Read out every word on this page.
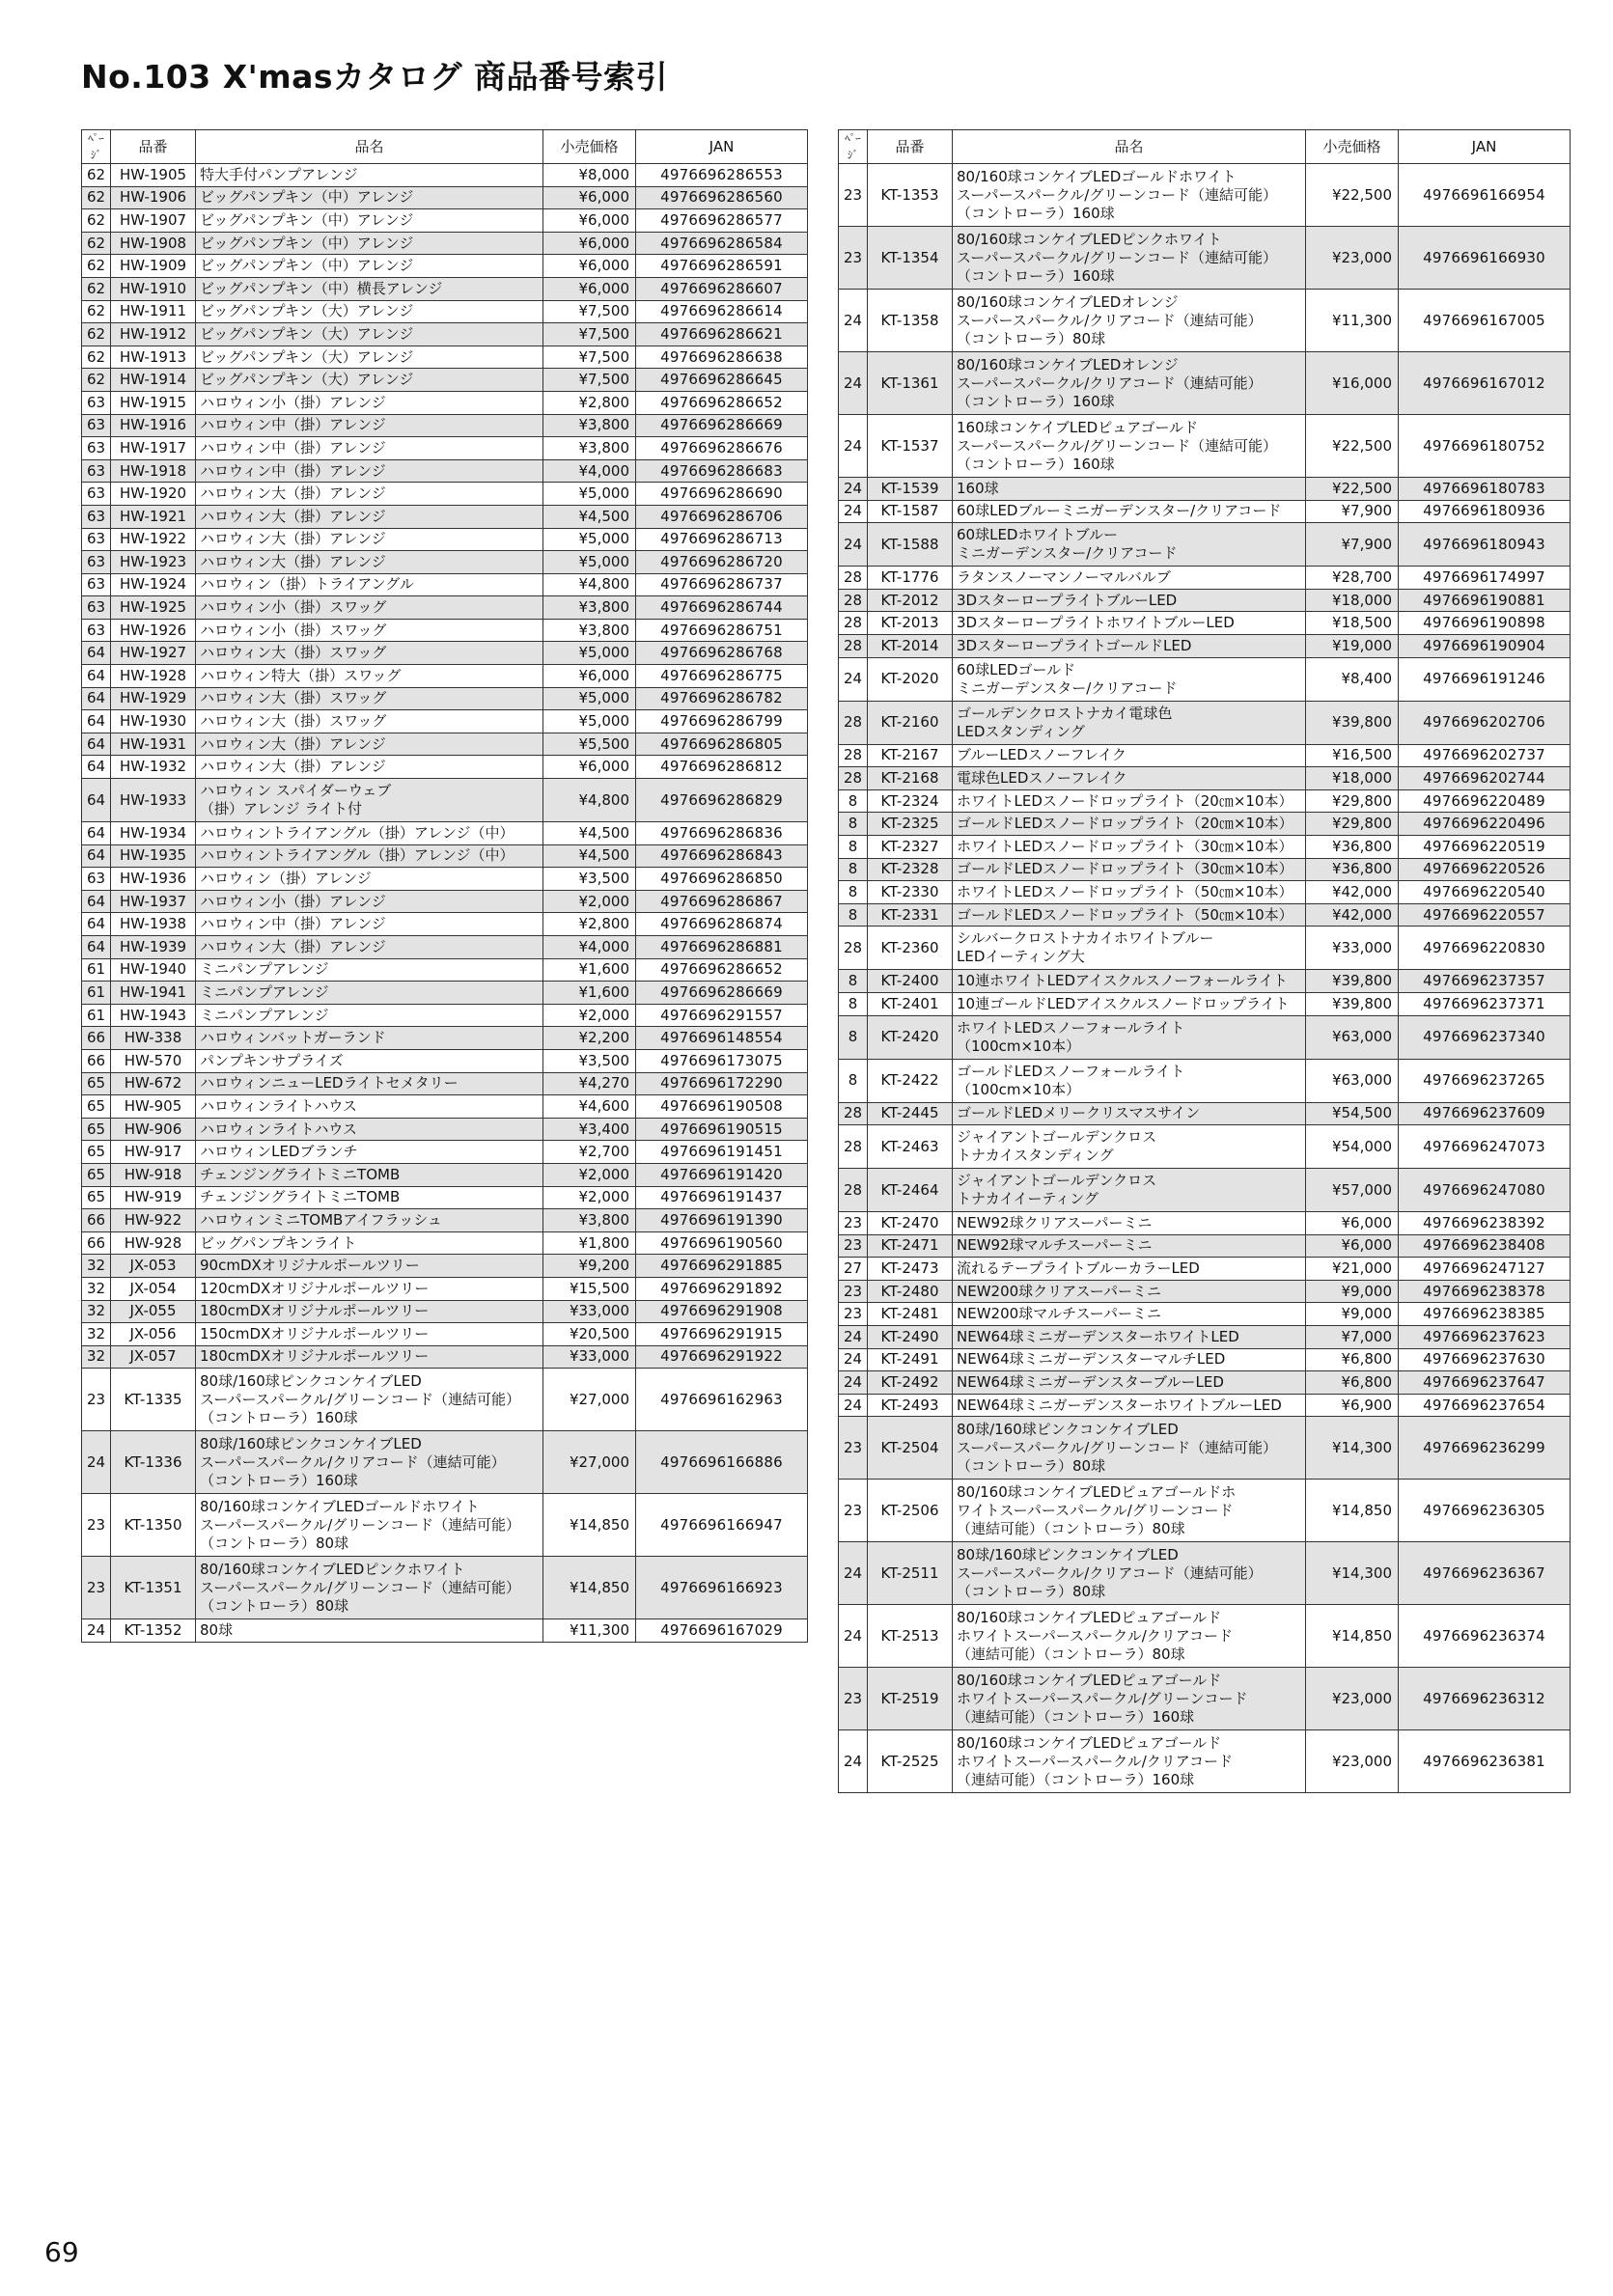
No.103 X'masカタログ 商品番号索引
ﾍﾟｰｼﾞ	品番	品名	小売価格	JAN
62	HW-1905	特大手付パンプアレンジ	¥8,000	4976696286553
62	HW-1906	ビッグパンプキン（中）アレンジ	¥6,000	4976696286560
62	HW-1907	ビッグパンプキン（中）アレンジ	¥6,000	4976696286577
62	HW-1908	ビッグパンプキン（中）アレンジ	¥6,000	4976696286584
62	HW-1909	ビッグパンプキン（中）アレンジ	¥6,000	4976696286591
62	HW-1910	ビッグパンプキン（中）横長アレンジ	¥6,000	4976696286607
62	HW-1911	ビッグパンプキン（大）アレンジ	¥7,500	4976696286614
62	HW-1912	ビッグパンプキン（大）アレンジ	¥7,500	4976696286621
62	HW-1913	ビッグパンプキン（大）アレンジ	¥7,500	4976696286638
62	HW-1914	ビッグパンプキン（大）アレンジ	¥7,500	4976696286645
63	HW-1915	ハロウィン小（掛）アレンジ	¥2,800	4976696286652
63	HW-1916	ハロウィン中（掛）アレンジ	¥3,800	4976696286669
63	HW-1917	ハロウィン中（掛）アレンジ	¥3,800	4976696286676
63	HW-1918	ハロウィン中（掛）アレンジ	¥4,000	4976696286683
63	HW-1920	ハロウィン大（掛）アレンジ	¥5,000	4976696286690
63	HW-1921	ハロウィン大（掛）アレンジ	¥4,500	4976696286706
63	HW-1922	ハロウィン大（掛）アレンジ	¥5,000	4976696286713
63	HW-1923	ハロウィン大（掛）アレンジ	¥5,000	4976696286720
63	HW-1924	ハロウィン（掛）トライアングル	¥4,800	4976696286737
63	HW-1925	ハロウィン小（掛）スワッグ	¥3,800	4976696286744
63	HW-1926	ハロウィン小（掛）スワッグ	¥3,800	4976696286751
64	HW-1927	ハロウィン大（掛）スワッグ	¥5,000	4976696286768
64	HW-1928	ハロウィン特大（掛）スワッグ	¥6,000	4976696286775
64	HW-1929	ハロウィン大（掛）スワッグ	¥5,000	4976696286782
64	HW-1930	ハロウィン大（掛）スワッグ	¥5,000	4976696286799
64	HW-1931	ハロウィン大（掛）アレンジ	¥5,500	4976696286805
64	HW-1932	ハロウィン大（掛）アレンジ	¥6,000	4976696286812
64	HW-1933	ハロウィン スパイダーウェブ
（掛）アレンジ ライト付	¥4,800	4976696286829
64	HW-1934	ハロウィントライアングル（掛）アレンジ（中）	¥4,500	4976696286836
64	HW-1935	ハロウィントライアングル（掛）アレンジ（中）	¥4,500	4976696286843
63	HW-1936	ハロウィン（掛）アレンジ	¥3,500	4976696286850
64	HW-1937	ハロウィン小（掛）アレンジ	¥2,000	4976696286867
64	HW-1938	ハロウィン中（掛）アレンジ	¥2,800	4976696286874
64	HW-1939	ハロウィン大（掛）アレンジ	¥4,000	4976696286881
61	HW-1940	ミニパンプアレンジ	¥1,600	4976696286652
61	HW-1941	ミニパンプアレンジ	¥1,600	4976696286669
61	HW-1943	ミニパンプアレンジ	¥2,000	4976696291557
66	HW-338	ハロウィンバットガーランド	¥2,200	4976696148554
66	HW-570	パンプキンサプライズ	¥3,500	4976696173075
65	HW-672	ハロウィンニューLEDライトセメタリー	¥4,270	4976696172290
65	HW-905	ハロウィンライトハウス	¥4,600	4976696190508
65	HW-906	ハロウィンライトハウス	¥3,400	4976696190515
65	HW-917	ハロウィンLEDブランチ	¥2,700	4976696191451
65	HW-918	チェンジングライトミニTOMB	¥2,000	4976696191420
65	HW-919	チェンジングライトミニTOMB	¥2,000	4976696191437
66	HW-922	ハロウィンミニTOMBアイフラッシュ	¥3,800	4976696191390
66	HW-928	ビッグパンプキンライト	¥1,800	4976696190560
32	JX-053	90cmDXオリジナルポールツリー	¥9,200	4976696291885
32	JX-054	120cmDXオリジナルポールツリー	¥15,500	4976696291892
32	JX-055	180cmDXオリジナルポールツリー	¥33,000	4976696291908
32	JX-056	150cmDXオリジナルポールツリー	¥20,500	4976696291915
32	JX-057	180cmDXオリジナルポールツリー	¥33,000	4976696291922
23	KT-1335	80球/160球ピンクコンケイブLED
スーパースパークル/グリーンコード（連結可能）
（コントローラ）160球	¥27,000	4976696162963
24	KT-1336	80球/160球ピンクコンケイブLED
スーパースパークル/クリアコード（連結可能）
（コントローラ）160球	¥27,000	4976696166886
23	KT-1350	80/160球コンケイブLEDゴールドホワイト
スーパースパークル/グリーンコード（連結可能）
（コントローラ）80球	¥14,850	4976696166947
23	KT-1351	80/160球コンケイブLEDピンクホワイト
スーパースパークル/グリーンコード（連結可能）
（コントローラ）80球	¥14,850	4976696166923
24	KT-1352	80球	¥11,300	4976696167029
ﾍﾟｰｼﾞ	品番	品名	小売価格	JAN
23	KT-1353	80/160球コンケイブLEDゴールドホワイト
スーパースパークル/グリーンコード（連結可能）
（コントローラ）160球	¥22,500	4976696166954
23	KT-1354	80/160球コンケイブLEDピンクホワイト
スーパースパークル/グリーンコード（連結可能）
（コントローラ）160球	¥23,000	4976696166930
24	KT-1358	80/160球コンケイブLEDオレンジ
スーパースパークル/クリアコード（連結可能）
（コントローラ）80球	¥11,300	4976696167005
24	KT-1361	80/160球コンケイブLEDオレンジ
スーパースパークル/クリアコード（連結可能）
（コントローラ）160球	¥16,000	4976696167012
24	KT-1537	160球コンケイブLEDピュアゴールド
スーパースパークル/グリーンコード（連結可能）
（コントローラ）160球	¥22,500	4976696180752
24	KT-1539	160球	¥22,500	4976696180783
24	KT-1587	60球LEDブルーミニガーデンスター/クリアコード	¥7,900	4976696180936
24	KT-1588	60球LEDホワイトブルー
ミニガーデンスター/クリアコード	¥7,900	4976696180943
28	KT-1776	ラタンスノーマンノーマルバルブ	¥28,700	4976696174997
28	KT-2012	3DスターロープライトブルーLED	¥18,000	4976696190881
28	KT-2013	3DスターロープライトホワイトブルーLED	¥18,500	4976696190898
28	KT-2014	3DスターロープライトゴールドLED	¥19,000	4976696190904
24	KT-2020	60球LEDゴールド
ミニガーデンスター/クリアコード	¥8,400	4976696191246
28	KT-2160	ゴールデンクロストナカイ電球色
LEDスタンディング	¥39,800	4976696202706
28	KT-2167	ブルーLEDスノーフレイク	¥16,500	4976696202737
28	KT-2168	電球色LEDスノーフレイク	¥18,000	4976696202744
8	KT-2324	ホワイトLEDスノードロップライト（20㎝×10本）	¥29,800	4976696220489
8	KT-2325	ゴールドLEDスノードロップライト（20㎝×10本）	¥29,800	4976696220496
8	KT-2327	ホワイトLEDスノードロップライト（30㎝×10本）	¥36,800	4976696220519
8	KT-2328	ゴールドLEDスノードロップライト（30㎝×10本）	¥36,800	4976696220526
8	KT-2330	ホワイトLEDスノードロップライト（50㎝×10本）	¥42,000	4976696220540
8	KT-2331	ゴールドLEDスノードロップライト（50㎝×10本）	¥42,000	4976696220557
28	KT-2360	シルバークロストナカイホワイトブルー
LEDイーティング大	¥33,000	4976696220830
8	KT-2400	10連ホワイトLEDアイスクルスノーフォールライト	¥39,800	4976696237357
8	KT-2401	10連ゴールドLEDアイスクルスノードロップライト	¥39,800	4976696237371
8	KT-2420	ホワイトLEDスノーフォールライト
（100cm×10本）	¥63,000	4976696237340
8	KT-2422	ゴールドLEDスノーフォールライト
（100cm×10本）	¥63,000	4976696237265
28	KT-2445	ゴールドLEDメリークリスマスサイン	¥54,500	4976696237609
28	KT-2463	ジャイアントゴールデンクロス
トナカイスタンディング	¥54,000	4976696247073
28	KT-2464	ジャイアントゴールデンクロス
トナカイイーティング	¥57,000	4976696247080
23	KT-2470	NEW92球クリアスーパーミニ	¥6,000	4976696238392
23	KT-2471	NEW92球マルチスーパーミニ	¥6,000	4976696238408
27	KT-2473	流れるテープライトブルーカラーLED	¥21,000	4976696247127
23	KT-2480	NEW200球クリアスーパーミニ	¥9,000	4976696238378
23	KT-2481	NEW200球マルチスーパーミニ	¥9,000	4976696238385
24	KT-2490	NEW64球ミニガーデンスターホワイトLED	¥7,000	4976696237623
24	KT-2491	NEW64球ミニガーデンスターマルチLED	¥6,800	4976696237630
24	KT-2492	NEW64球ミニガーデンスターブルーLED	¥6,800	4976696237647
24	KT-2493	NEW64球ミニガーデンスターホワイトブルーLED	¥6,900	4976696237654
23	KT-2504	80球/160球ピンクコンケイブLED
スーパースパークル/グリーンコード（連結可能）
（コントローラ）80球	¥14,300	4976696236299
23	KT-2506	80/160球コンケイブLEDピュアゴールドホ
ワイトスーパースパークル/グリーンコード
（連結可能）（コントローラ）80球	¥14,850	4976696236305
24	KT-2511	80球/160球ピンクコンケイブLED
スーパースパークル/クリアコード（連結可能）
（コントローラ）80球	¥14,300	4976696236367
24	KT-2513	80/160球コンケイブLEDピュアゴールド
ホワイトスーパースパークル/クリアコード
（連結可能）（コントローラ）80球	¥14,850	4976696236374
23	KT-2519	80/160球コンケイブLEDピュアゴールド
ホワイトスーパースパークル/グリーンコード
（連結可能）（コントローラ）160球	¥23,000	4976696236312
24	KT-2525	80/160球コンケイブLEDピュアゴールド
ホワイトスーパースパークル/クリアコード
（連結可能）（コントローラ）160球	¥23,000	4976696236381
69
